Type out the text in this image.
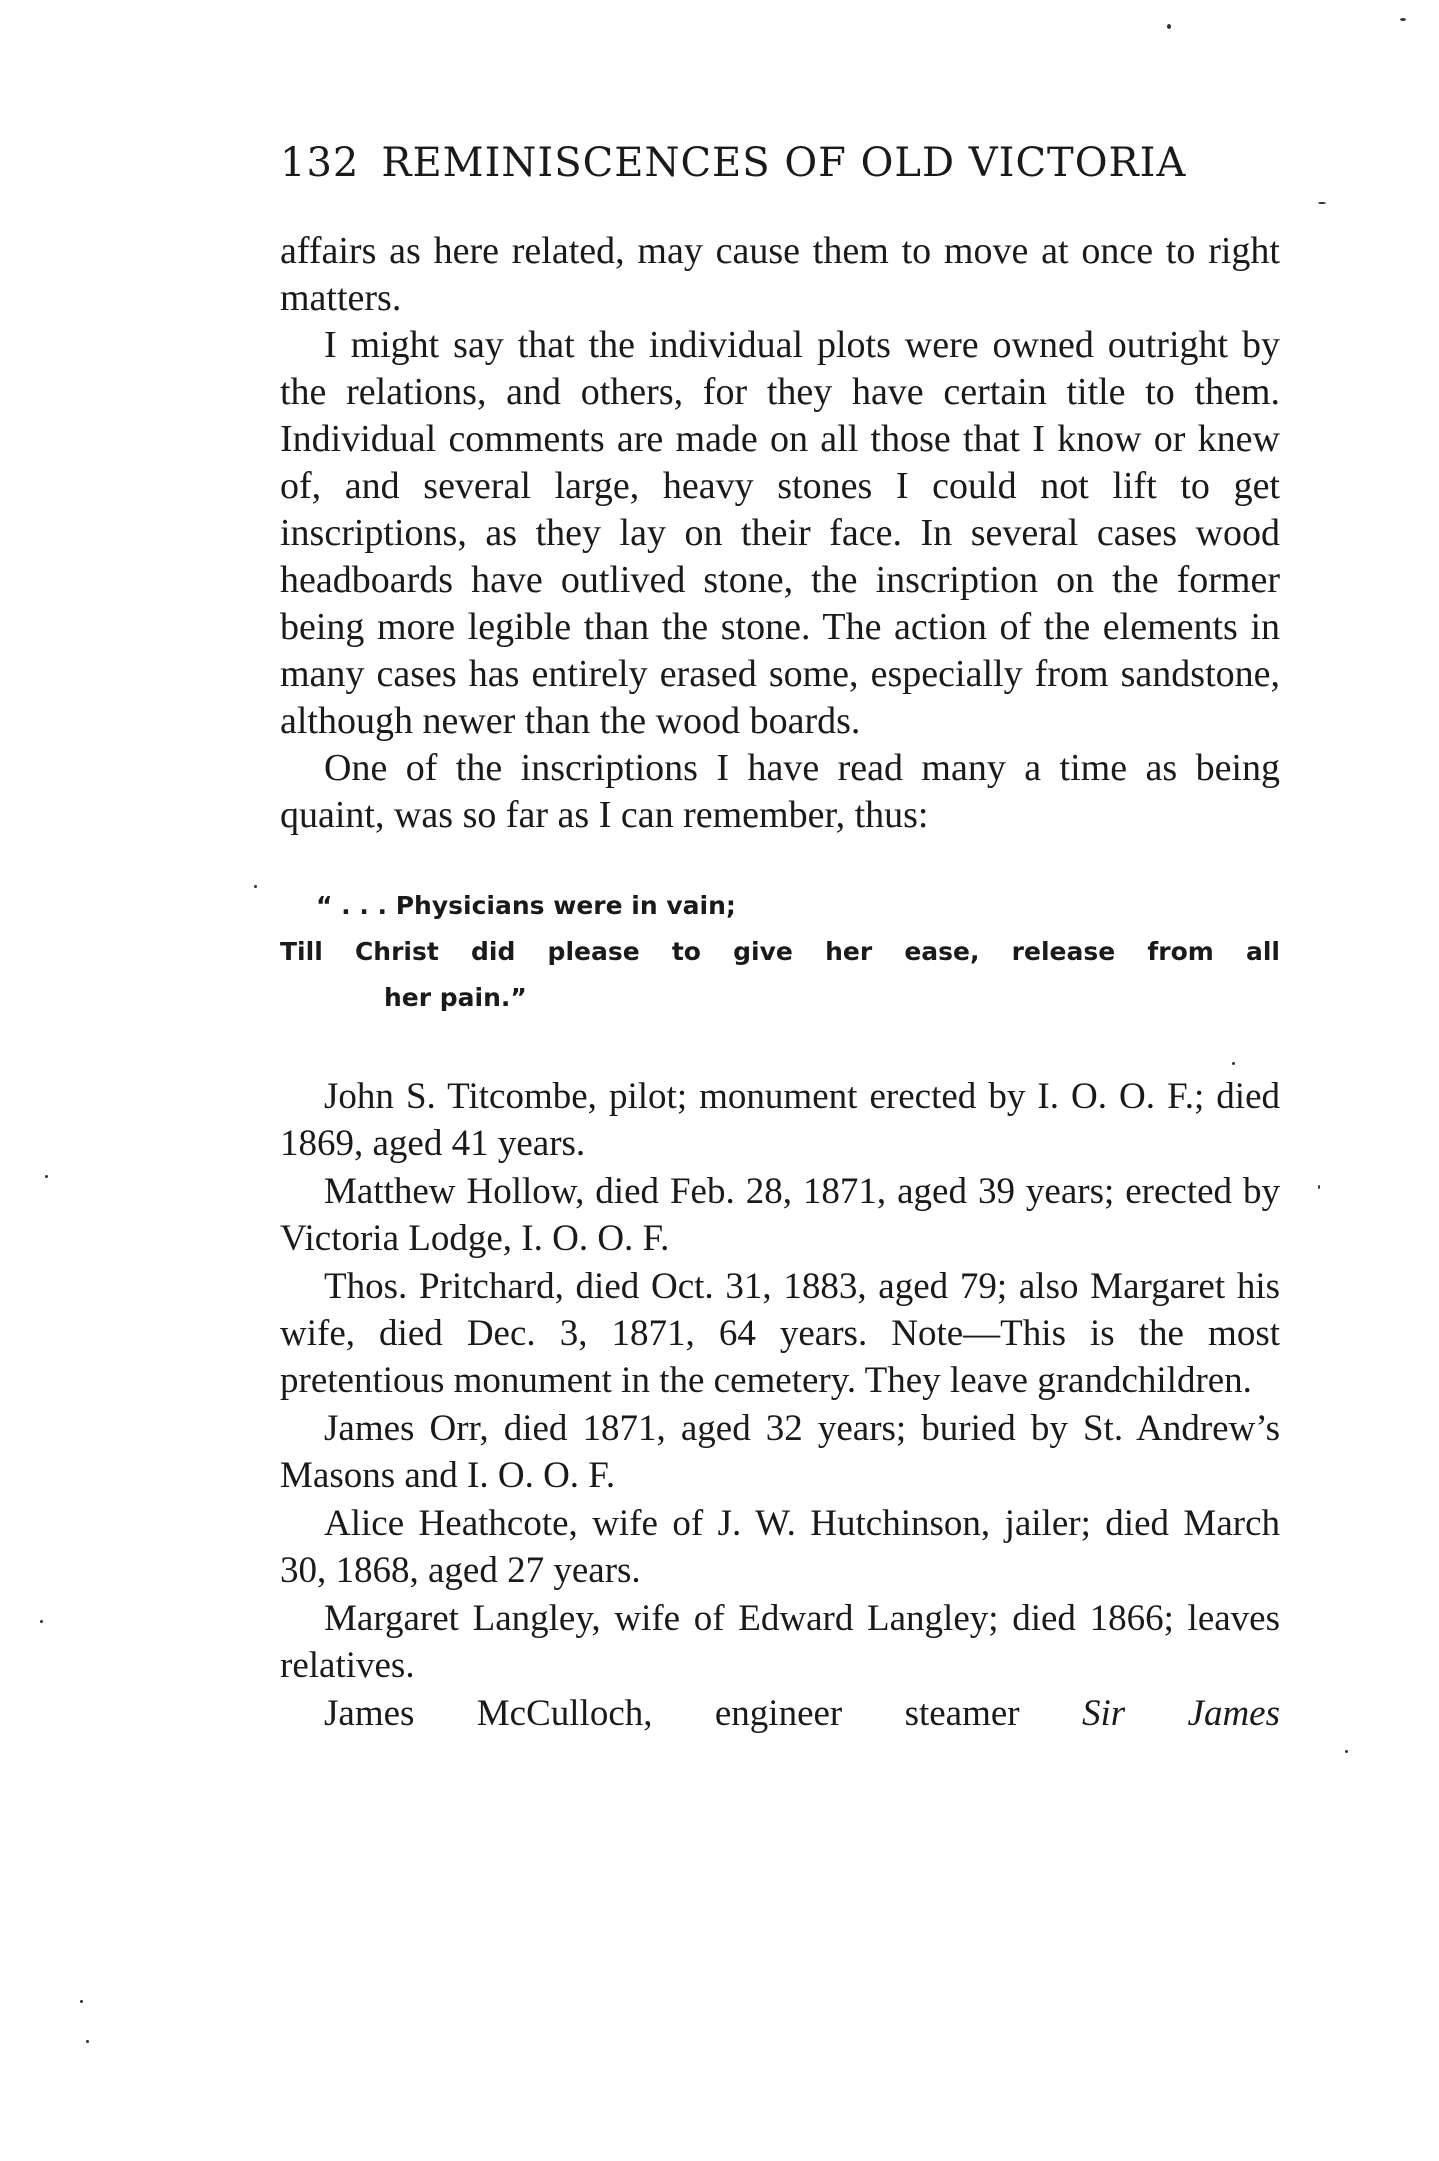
132 REMINISCENCES OF OLD VICTORIA

affairs as here related, may cause them to move at once to right matters.

I might say that the individual plots were owned outright by the relations, and others, for they have certain title to them. Individual comments are made on all those that I know or knew of, and several large, heavy stones I could not lift to get inscriptions, as they lay on their face. In several cases wood headboards have outlived stone, the inscription on the former being more legible than the stone. The action of the elements in many cases has entirely erased some, especially from sandstone, although newer than the wood boards.

One of the inscriptions I have read many a time as being quaint, was so far as I can remember, thus:

“ . . . Physicians were in vain;
Till Christ did please to give her ease, release from all
her pain.”

John S. Titcombe, pilot; monument erected by I. O. O. F.; died 1869, aged 41 years.

Matthew Hollow, died Feb. 28, 1871, aged 39 years; erected by Victoria Lodge, I. O. O. F.

Thos. Pritchard, died Oct. 31, 1883, aged 79; also Margaret his wife, died Dec. 3, 1871, 64 years. Note—This is the most pretentious monument in the cemetery. They leave grandchildren.

James Orr, died 1871, aged 32 years; buried by St. Andrew’s Masons and I. O. O. F.

Alice Heathcote, wife of J. W. Hutchinson, jailer; died March 30, 1868, aged 27 years.

Margaret Langley, wife of Edward Langley; died 1866; leaves relatives.

James McCulloch, engineer steamer Sir James
